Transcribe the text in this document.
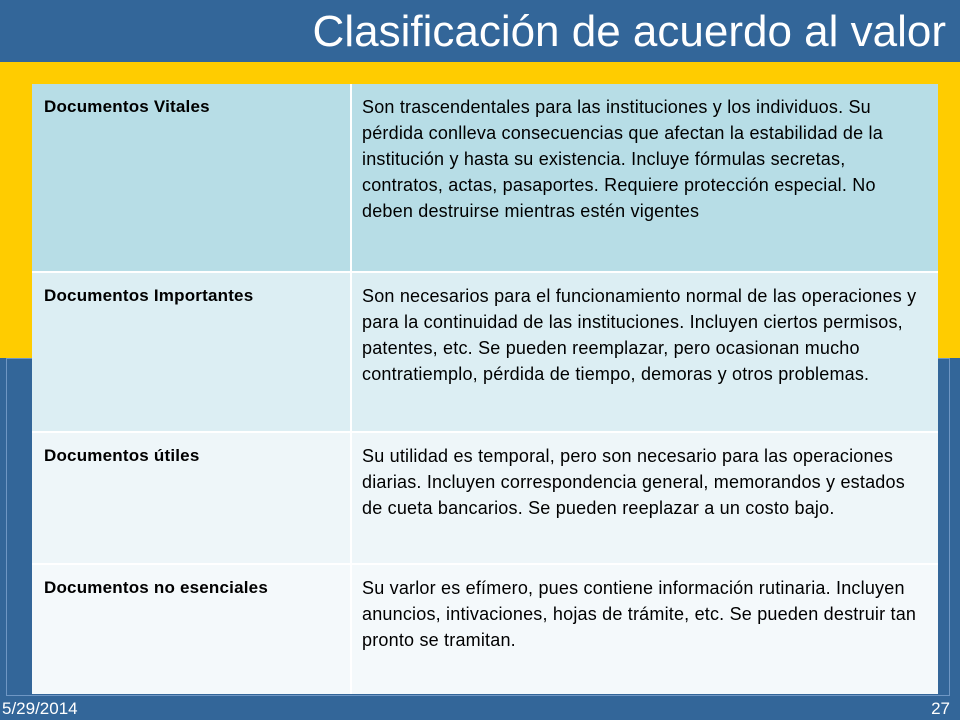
Clasificación de acuerdo al valor
Documentos Vitales	Son trascendentales para las instituciones y los individuos. Su pérdida conlleva consecuencias que afectan la estabilidad de la institución y hasta su existencia. Incluye fórmulas secretas, contratos, actas, pasaportes. Requiere protección especial. No deben destruirse mientras estén vigentes
Documentos Importantes	Son necesarios para el funcionamiento normal de las operaciones y para la continuidad de las instituciones. Incluyen ciertos permisos, patentes, etc. Se pueden reemplazar, pero ocasionan mucho contratiemplo, pérdida de tiempo, demoras y otros problemas.
Documentos útiles	Su utilidad es temporal, pero son necesario para las operaciones diarias. Incluyen correspondencia general, memorandos y estados de cueta bancarios. Se pueden reeplazar a un costo bajo.
Documentos no esenciales	Su varlor es efímero, pues contiene información rutinaria. Incluyen anuncios, intivaciones, hojas de trámite, etc. Se pueden destruir tan pronto se tramitan.
5/29/2014	27
